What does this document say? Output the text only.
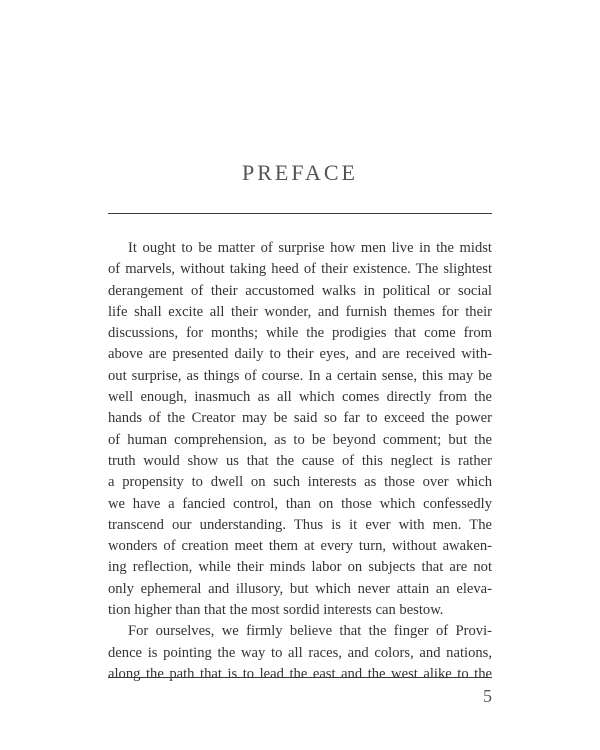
PREFACE
It ought to be matter of surprise how men live in the midst
of marvels, without taking heed of their existence. The slightest
derangement of their accustomed walks in political or social
life shall excite all their wonder, and furnish themes for their
discussions, for months; while the prodigies that come from
above are presented daily to their eyes, and are received with-
out surprise, as things of course. In a certain sense, this may be
well enough, inasmuch as all which comes directly from the
hands of the Creator may be said so far to exceed the power
of human comprehension, as to be beyond comment; but the
truth would show us that the cause of this neglect is rather
a propensity to dwell on such interests as those over which
we have a fancied control, than on those which confessedly
transcend our understanding. Thus is it ever with men. The
wonders of creation meet them at every turn, without awaken-
ing reflection, while their minds labor on subjects that are not
only ephemeral and illusory, but which never attain an eleva-
tion higher than that the most sordid interests can bestow.
For ourselves, we firmly believe that the finger of Provi-
dence is pointing the way to all races, and colors, and nations,
along the path that is to lead the east and the west alike to the
5
